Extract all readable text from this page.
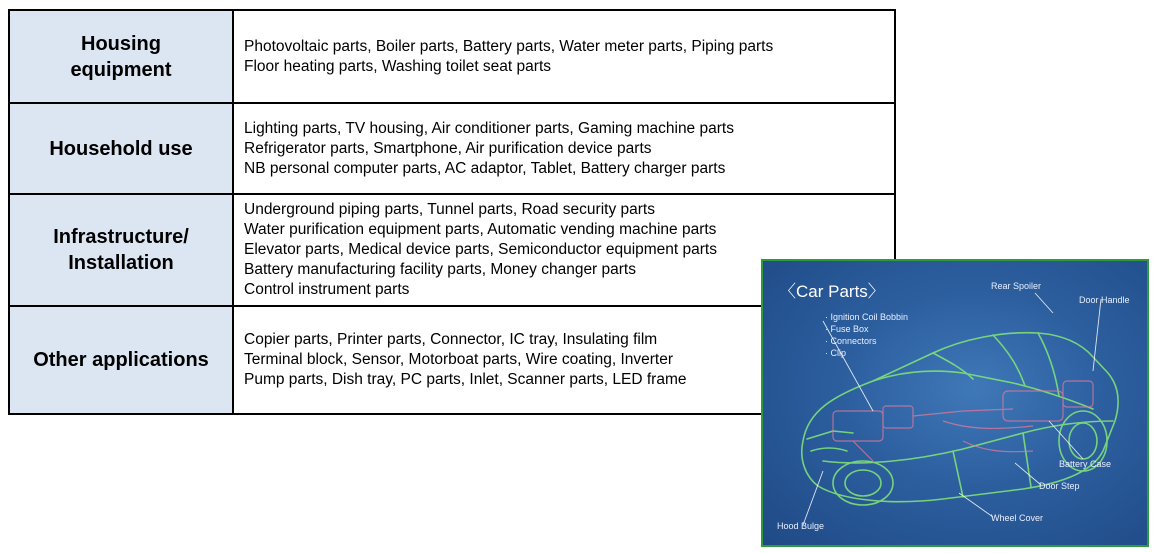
Housing
equipment	Photovoltaic parts, Boiler parts, Battery parts, Water meter parts, Piping parts
Floor heating parts, Washing toilet seat parts

Household use	Lighting parts, TV housing, Air conditioner parts, Gaming machine parts
Refrigerator parts, Smartphone, Air purification device parts
NB personal computer parts, AC adaptor, Tablet, Battery charger parts

Infrastructure/
Installation	Underground piping parts, Tunnel parts, Road security parts
Water purification equipment parts, Automatic vending machine parts
Elevator parts, Medical device parts, Semiconductor equipment parts
Battery manufacturing facility parts, Money changer parts
Control instrument parts

Other applications	Copier parts, Printer parts, Connector, IC tray, Insulating film
Terminal block, Sensor, Motorboat parts, Wire coating, Inverter
Pump parts, Dish tray, PC parts, Inlet, Scanner parts, LED frame
〈Car Parts〉
· Ignition Coil Bobbin
· Fuse Box
· Connectors
· Clip
Rear Spoiler
Door Handle
Battery Case
Door Step
Wheel Cover
Hood Bulge
